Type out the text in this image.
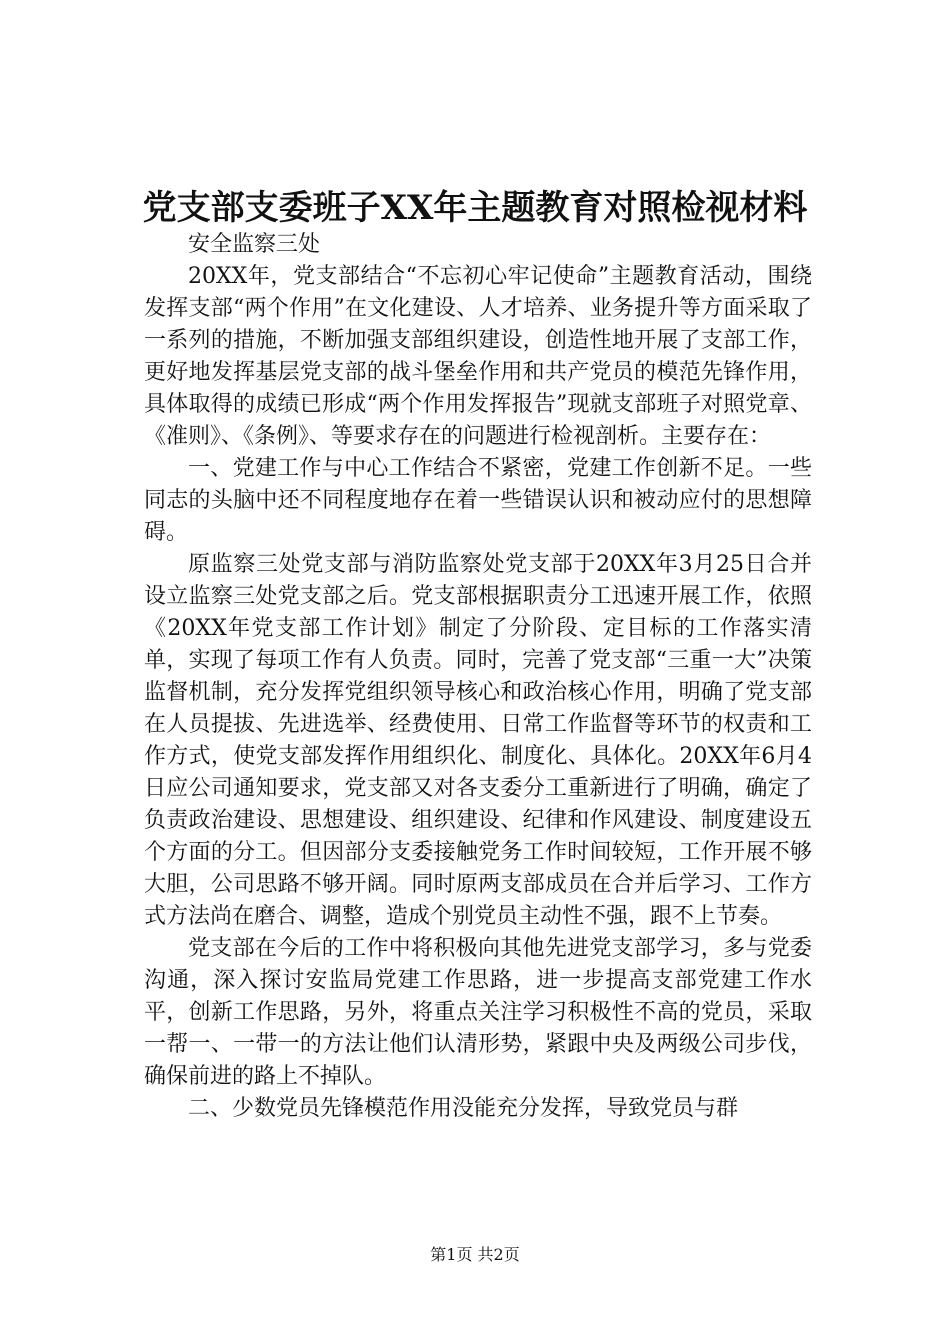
党支部支委班子XX年主题教育对照检视材料

安全监察三处

20XX年，党支部结合“不忘初心牢记使命”主题教育活动，围绕发挥支部“两个作用”在文化建设、人才培养、业务提升等方面采取了一系列的措施，不断加强支部组织建设，创造性地开展了支部工作，更好地发挥基层党支部的战斗堡垒作用和共产党员的模范先锋作用，具体取得的成绩已形成“两个作用发挥报告”现就支部班子对照党章、《准则》、《条例》、等要求存在的问题进行检视剖析。主要存在：

一、党建工作与中心工作结合不紧密，党建工作创新不足。一些同志的头脑中还不同程度地存在着一些错误认识和被动应付的思想障碍。

原监察三处党支部与消防监察处党支部于20XX年3月25日合并设立监察三处党支部之后。党支部根据职责分工迅速开展工作，依照《20XX年党支部工作计划》制定了分阶段、定目标的工作落实清单，实现了每项工作有人负责。同时，完善了党支部“三重一大”决策监督机制，充分发挥党组织领导核心和政治核心作用，明确了党支部在人员提拔、先进选举、经费使用、日常工作监督等环节的权责和工作方式，使党支部发挥作用组织化、制度化、具体化。20XX年6月4日应公司通知要求，党支部又对各支委分工重新进行了明确，确定了负责政治建设、思想建设、组织建设、纪律和作风建设、制度建设五个方面的分工。但因部分支委接触党务工作时间较短，工作开展不够大胆，公司思路不够开阔。同时原两支部成员在合并后学习、工作方式方法尚在磨合、调整，造成个别党员主动性不强，跟不上节奏。

党支部在今后的工作中将积极向其他先进党支部学习，多与党委沟通，深入探讨安监局党建工作思路，进一步提高支部党建工作水平，创新工作思路，另外，将重点关注学习积极性不高的党员，采取一帮一、一带一的方法让他们认清形势，紧跟中央及两级公司步伐，确保前进的路上不掉队。

二、少数党员先锋模范作用没能充分发挥，导致党员与群

第1页 共2页
